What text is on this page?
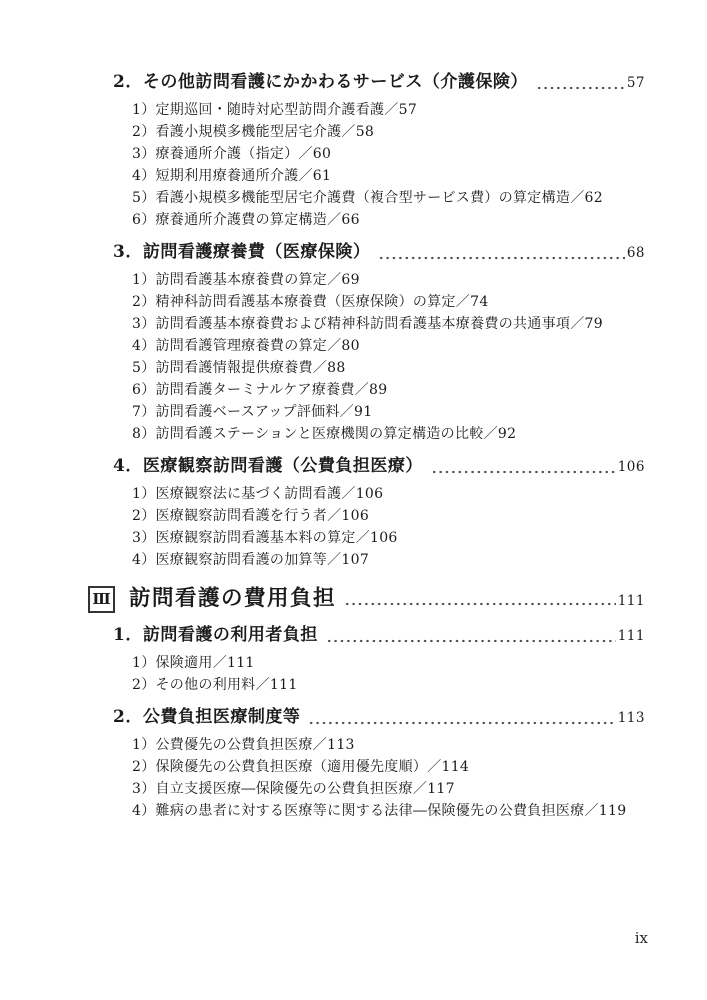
2．その他訪問看護にかかわるサービス（介護保険）	57
1）定期巡回・随時対応型訪問介護看護／57
2）看護小規模多機能型居宅介護／58
3）療養通所介護（指定）／60
4）短期利用療養通所介護／61
5）看護小規模多機能型居宅介護費（複合型サービス費）の算定構造／62
6）療養通所介護費の算定構造／66
3．訪問看護療養費（医療保険）	68
1）訪問看護基本療養費の算定／69
2）精神科訪問看護基本療養費（医療保険）の算定／74
3）訪問看護基本療養費および精神科訪問看護基本療養費の共通事項／79
4）訪問看護管理療養費の算定／80
5）訪問看護情報提供療養費／88
6）訪問看護ターミナルケア療養費／89
7）訪問看護ベースアップ評価料／91
8）訪問看護ステーションと医療機関の算定構造の比較／92
4．医療観察訪問看護（公費負担医療）	106
1）医療観察法に基づく訪問看護／106
2）医療観察訪問看護を行う者／106
3）医療観察訪問看護基本料の算定／106
4）医療観察訪問看護の加算等／107
Ⅲ 訪問看護の費用負担	111
1．訪問看護の利用者負担	111
1）保険適用／111
2）その他の利用料／111
2．公費負担医療制度等	113
1）公費優先の公費負担医療／113
2）保険優先の公費負担医療（適用優先度順）／114
3）自立支援医療―保険優先の公費負担医療／117
4）難病の患者に対する医療等に関する法律―保険優先の公費負担医療／119
ix
